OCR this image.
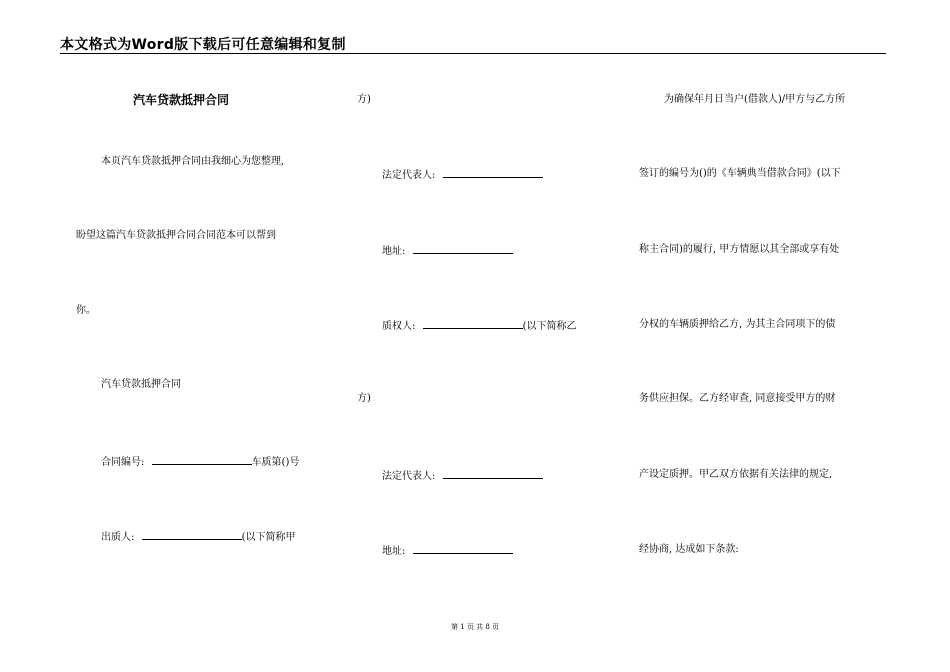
本文格式为Word版下载后可任意编辑和复制
汽车贷款抵押合同
本页汽车贷款抵押合同由我细心为您整理,
盼望这篇汽车贷款抵押合同合同范本可以帮到
你。
汽车贷款抵押合同
合同编号:	车质第()号
出质人:	(以下简称甲
方)
法定代表人:
地址:
质权人:	(以下简称乙
方)
法定代表人:
地址:
为确保年月日当户(借款人)/甲方与乙方所
签订的编号为()的《车辆典当借款合同》(以下
称主合同)的履行, 甲方情愿以其全部或享有处
分权的车辆质押给乙方, 为其主合同项下的债
务供应担保。乙方经审查, 同意接受甲方的财
产设定质押。甲乙双方依据有关法律的规定,
经协商, 达成如下条款:
第 1 页 共 8 页
